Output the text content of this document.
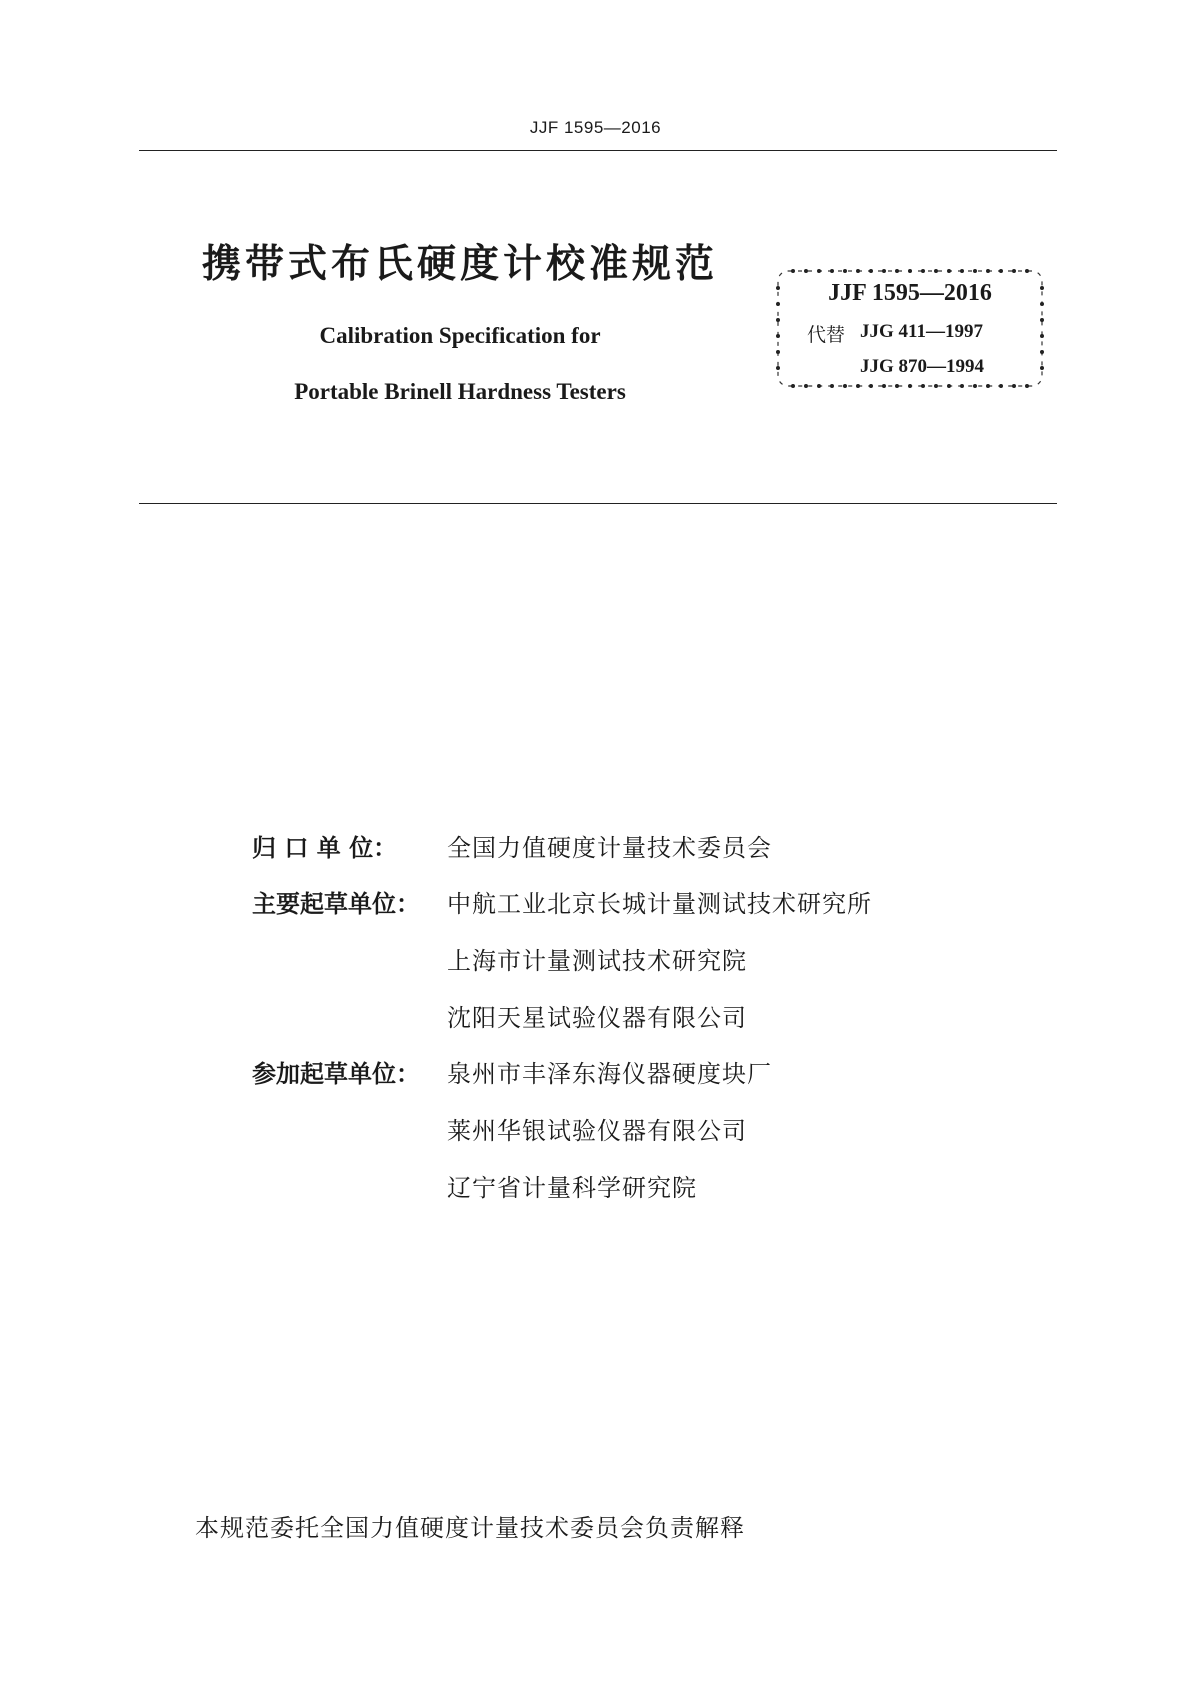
JJF 1595—2016
携带式布氏硬度计校准规范
Calibration Specification for
Portable Brinell Hardness Testers
JJF 1595—2016
代替 JJG 411—1997
JJG 870—1994
归 口 单 位：	全国力值硬度计量技术委员会
主要起草单位：	中航工业北京长城计量测试技术研究所
上海市计量测试技术研究院
沈阳天星试验仪器有限公司
参加起草单位：	泉州市丰泽东海仪器硬度块厂
莱州华银试验仪器有限公司
辽宁省计量科学研究院
本规范委托全国力值硬度计量技术委员会负责解释
